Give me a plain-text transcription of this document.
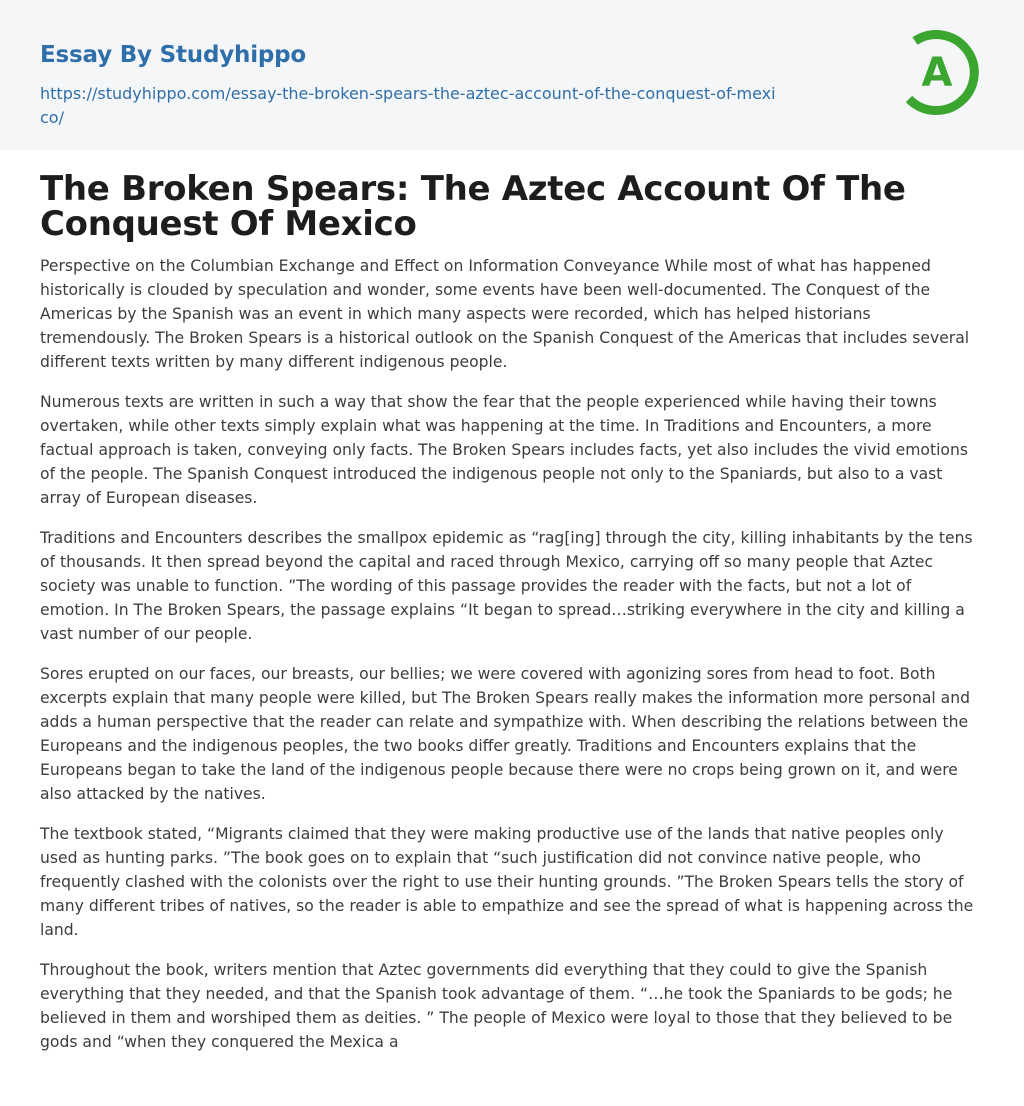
Essay By Studyhippo
https://studyhippo.com/essay-the-broken-spears-the-aztec-account-of-the-conquest-of-mexico/
A
The Broken Spears: The Aztec Account Of The Conquest Of Mexico

Perspective on the Columbian Exchange and Effect on Information Conveyance While most of what has happened historically is clouded by speculation and wonder, some events have been well-documented. The Conquest of the Americas by the Spanish was an event in which many aspects were recorded, which has helped historians tremendously. The Broken Spears is a historical outlook on the Spanish Conquest of the Americas that includes several different texts written by many different indigenous people.

Numerous texts are written in such a way that show the fear that the people experienced while having their towns overtaken, while other texts simply explain what was happening at the time. In Traditions and Encounters, a more factual approach is taken, conveying only facts. The Broken Spears includes facts, yet also includes the vivid emotions of the people. The Spanish Conquest introduced the indigenous people not only to the Spaniards, but also to a vast array of European diseases.

Traditions and Encounters describes the smallpox epidemic as “rag[ing] through the city, killing inhabitants by the tens of thousands. It then spread beyond the capital and raced through Mexico, carrying off so many people that Aztec society was unable to function. ”The wording of this passage provides the reader with the facts, but not a lot of emotion. In The Broken Spears, the passage explains “It began to spread…striking everywhere in the city and killing a vast number of our people.

Sores erupted on our faces, our breasts, our bellies; we were covered with agonizing sores from head to foot. Both excerpts explain that many people were killed, but The Broken Spears really makes the information more personal and adds a human perspective that the reader can relate and sympathize with. When describing the relations between the Europeans and the indigenous peoples, the two books differ greatly. Traditions and Encounters explains that the Europeans began to take the land of the indigenous people because there were no crops being grown on it, and were also attacked by the natives.

The textbook stated, “Migrants claimed that they were making productive use of the lands that native peoples only used as hunting parks. ”The book goes on to explain that “such justification did not convince native people, who frequently clashed with the colonists over the right to use their hunting grounds. ”The Broken Spears tells the story of many different tribes of natives, so the reader is able to empathize and see the spread of what is happening across the land.

Throughout the book, writers mention that Aztec governments did everything that they could to give the Spanish everything that they needed, and that the Spanish took advantage of them. “…he took the Spaniards to be gods; he believed in them and worshiped them as deities. ” The people of Mexico were loyal to those that they believed to be gods and “when they conquered the Mexica a
